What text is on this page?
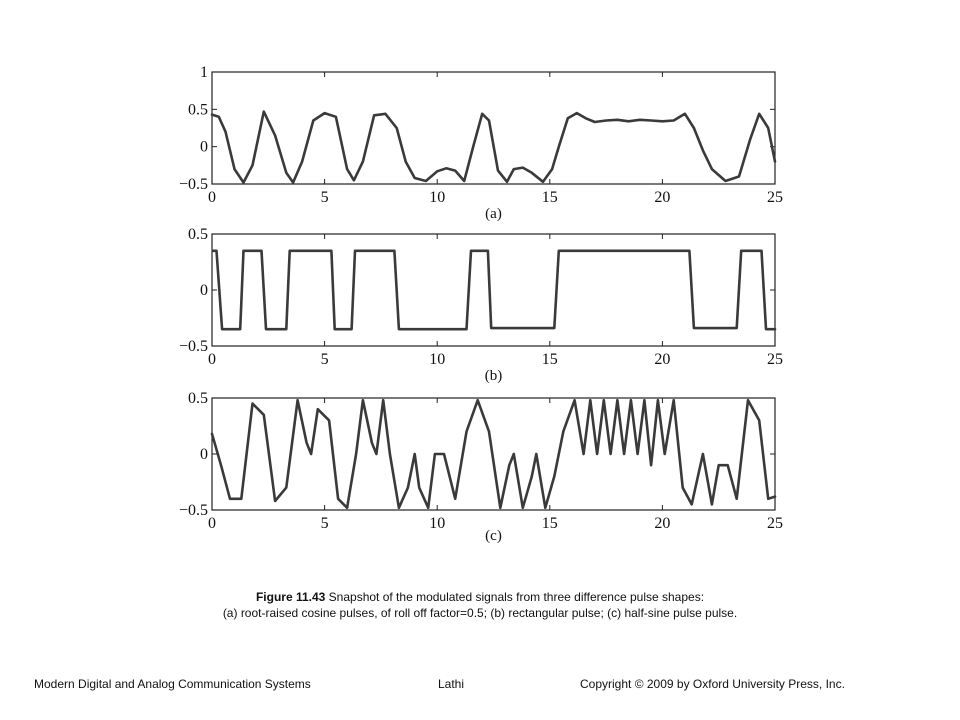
0	5	10	15	20	25
1
0.5
0
−0.5
(a)
0	5	10	15	20	25
0.5
0
−0.5
(b)
0	5	10	15	20	25
0.5
0
−0.5
(c)
Figure 11.43 Snapshot of the modulated signals from three difference pulse shapes:
(a) root-raised cosine pulses, of roll off factor=0.5; (b) rectangular pulse; (c) half-sine pulse pulse.
Modern Digital and Analog Communication Systems	Lathi	Copyright © 2009 by Oxford University Press, Inc.
